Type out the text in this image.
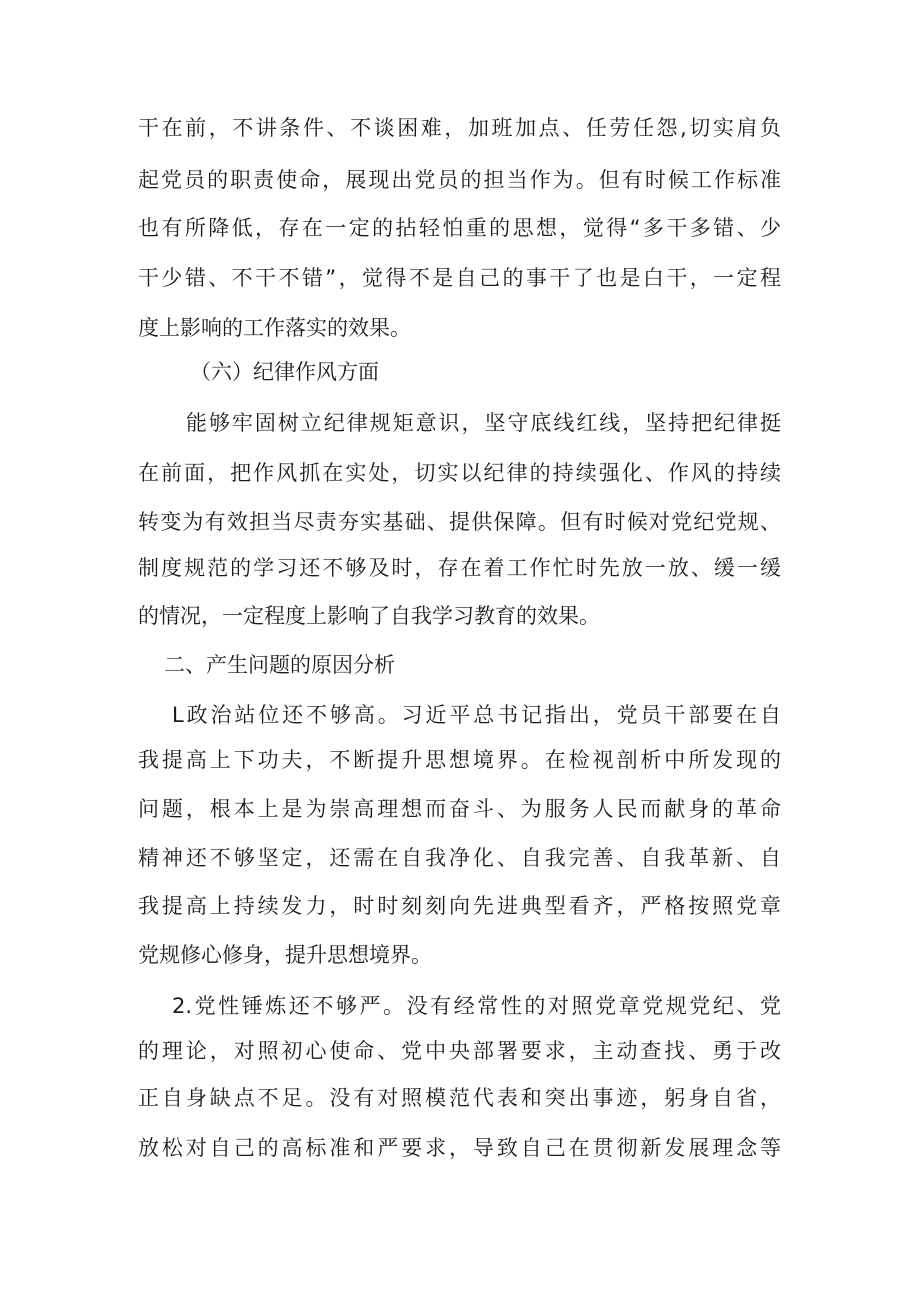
干在前，不讲条件、不谈困难，加班加点、任劳任怨,切实肩负
起党员的职责使命，展现出党员的担当作为。但有时候工作标准
也有所降低，存在一定的拈轻怕重的思想，觉得“多干多错、少
干少错、不干不错”，觉得不是自己的事干了也是白干，一定程
度上影响的工作落实的效果。
（六）纪律作风方面
能够牢固树立纪律规矩意识，坚守底线红线，坚持把纪律挺
在前面，把作风抓在实处，切实以纪律的持续强化、作风的持续
转变为有效担当尽责夯实基础、提供保障。但有时候对党纪党规、
制度规范的学习还不够及时，存在着工作忙时先放一放、缓一缓
的情况，一定程度上影响了自我学习教育的效果。
二、产生问题的原因分析
L政治站位还不够高。习近平总书记指出，党员干部要在自
我提高上下功夫，不断提升思想境界。在检视剖析中所发现的
问题，根本上是为崇高理想而奋斗、为服务人民而献身的革命
精神还不够坚定，还需在自我净化、自我完善、自我革新、自
我提高上持续发力，时时刻刻向先进典型看齐，严格按照党章
党规修心修身，提升思想境界。
2.党性锤炼还不够严。没有经常性的对照党章党规党纪、党
的理论，对照初心使命、党中央部署要求，主动查找、勇于改
正自身缺点不足。没有对照模范代表和突出事迹，躬身自省，
放松对自己的高标准和严要求，导致自己在贯彻新发展理念等
